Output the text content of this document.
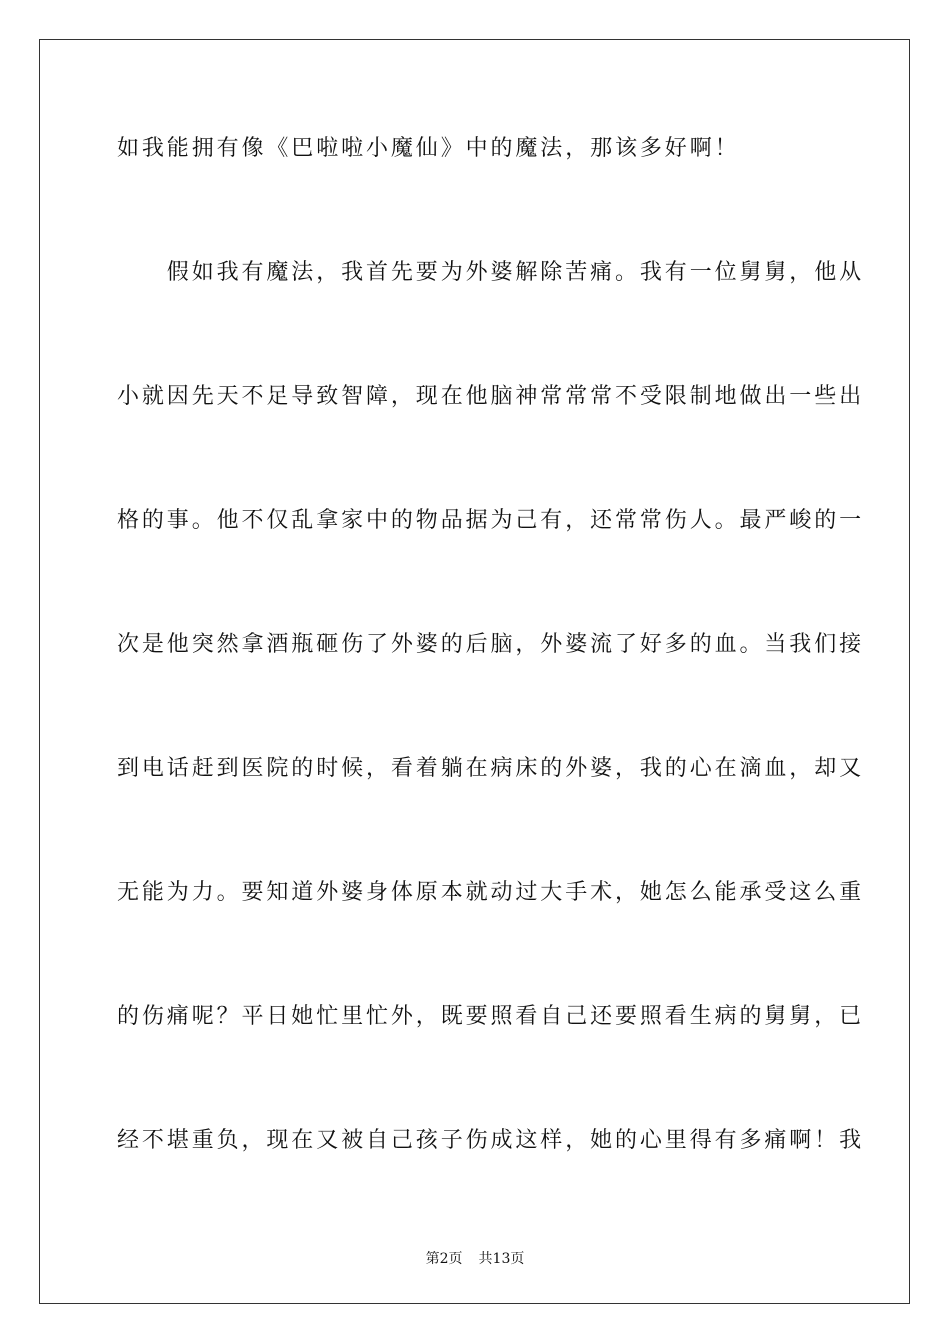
如我能拥有像《巴啦啦小魔仙》中的魔法，那该多好啊！
　　假如我有魔法，我首先要为外婆解除苦痛。我有一位舅舅，他从
小就因先天不足导致智障，现在他脑神常常常不受限制地做出一些出
格的事。他不仅乱拿家中的物品据为己有，还常常伤人。最严峻的一
次是他突然拿酒瓶砸伤了外婆的后脑，外婆流了好多的血。当我们接
到电话赶到医院的时候，看着躺在病床的外婆，我的心在滴血，却又
无能为力。要知道外婆身体原本就动过大手术，她怎么能承受这么重
的伤痛呢？平日她忙里忙外，既要照看自己还要照看生病的舅舅，已
经不堪重负，现在又被自己孩子伤成这样，她的心里得有多痛啊！我
第2页 共13页
